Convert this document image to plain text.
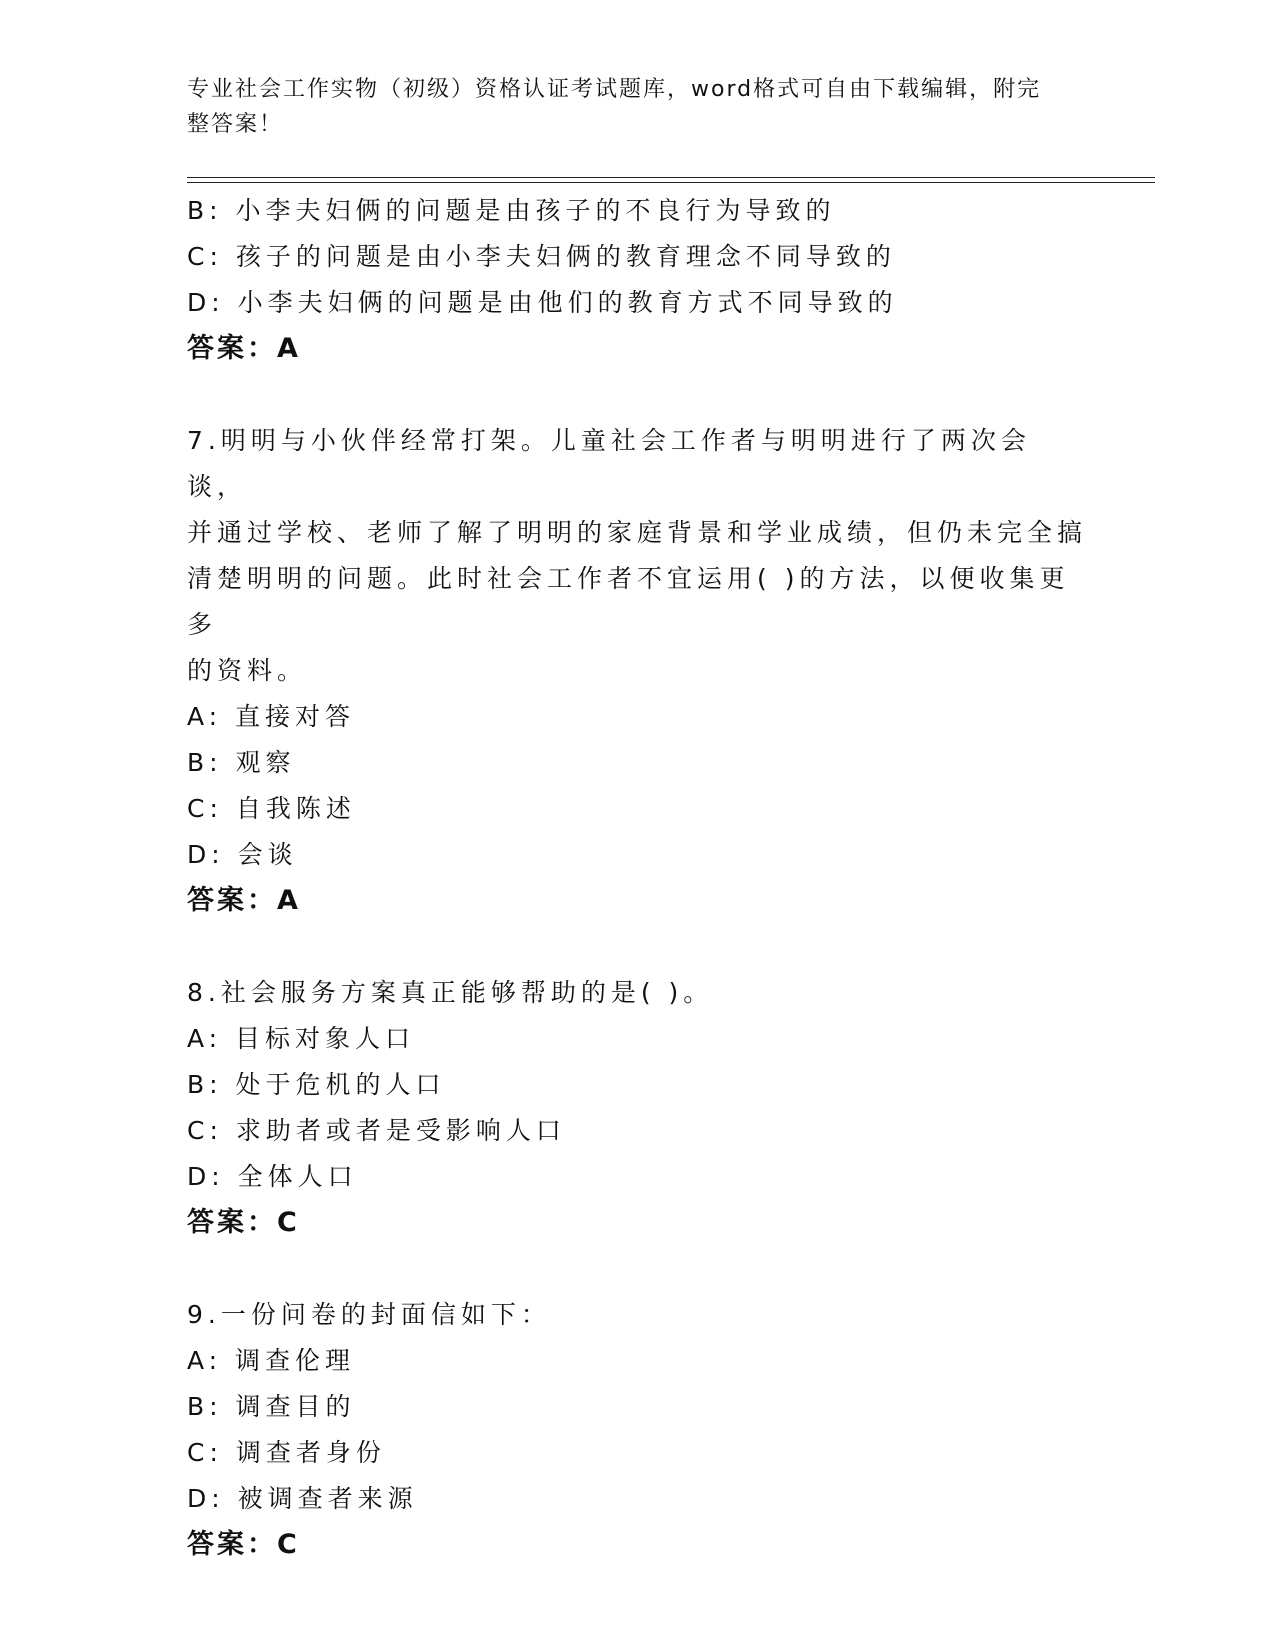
专业社会工作实物（初级）资格认证考试题库，word格式可自由下载编辑，附完
整答案！
B: 小李夫妇俩的问题是由孩子的不良行为导致的
C: 孩子的问题是由小李夫妇俩的教育理念不同导致的
D: 小李夫妇俩的问题是由他们的教育方式不同导致的
答案：A
7.明明与小伙伴经常打架。儿童社会工作者与明明进行了两次会谈，
并通过学校、老师了解了明明的家庭背景和学业成绩，但仍未完全搞
清楚明明的问题。此时社会工作者不宜运用( )的方法，以便收集更多
的资料。
A: 直接对答
B: 观察
C: 自我陈述
D: 会谈
答案：A
8.社会服务方案真正能够帮助的是( )。
A: 目标对象人口
B: 处于危机的人口
C: 求助者或者是受影响人口
D: 全体人口
答案：C
9.一份问卷的封面信如下：
A: 调查伦理
B: 调查目的
C: 调查者身份
D: 被调查者来源
答案：C
